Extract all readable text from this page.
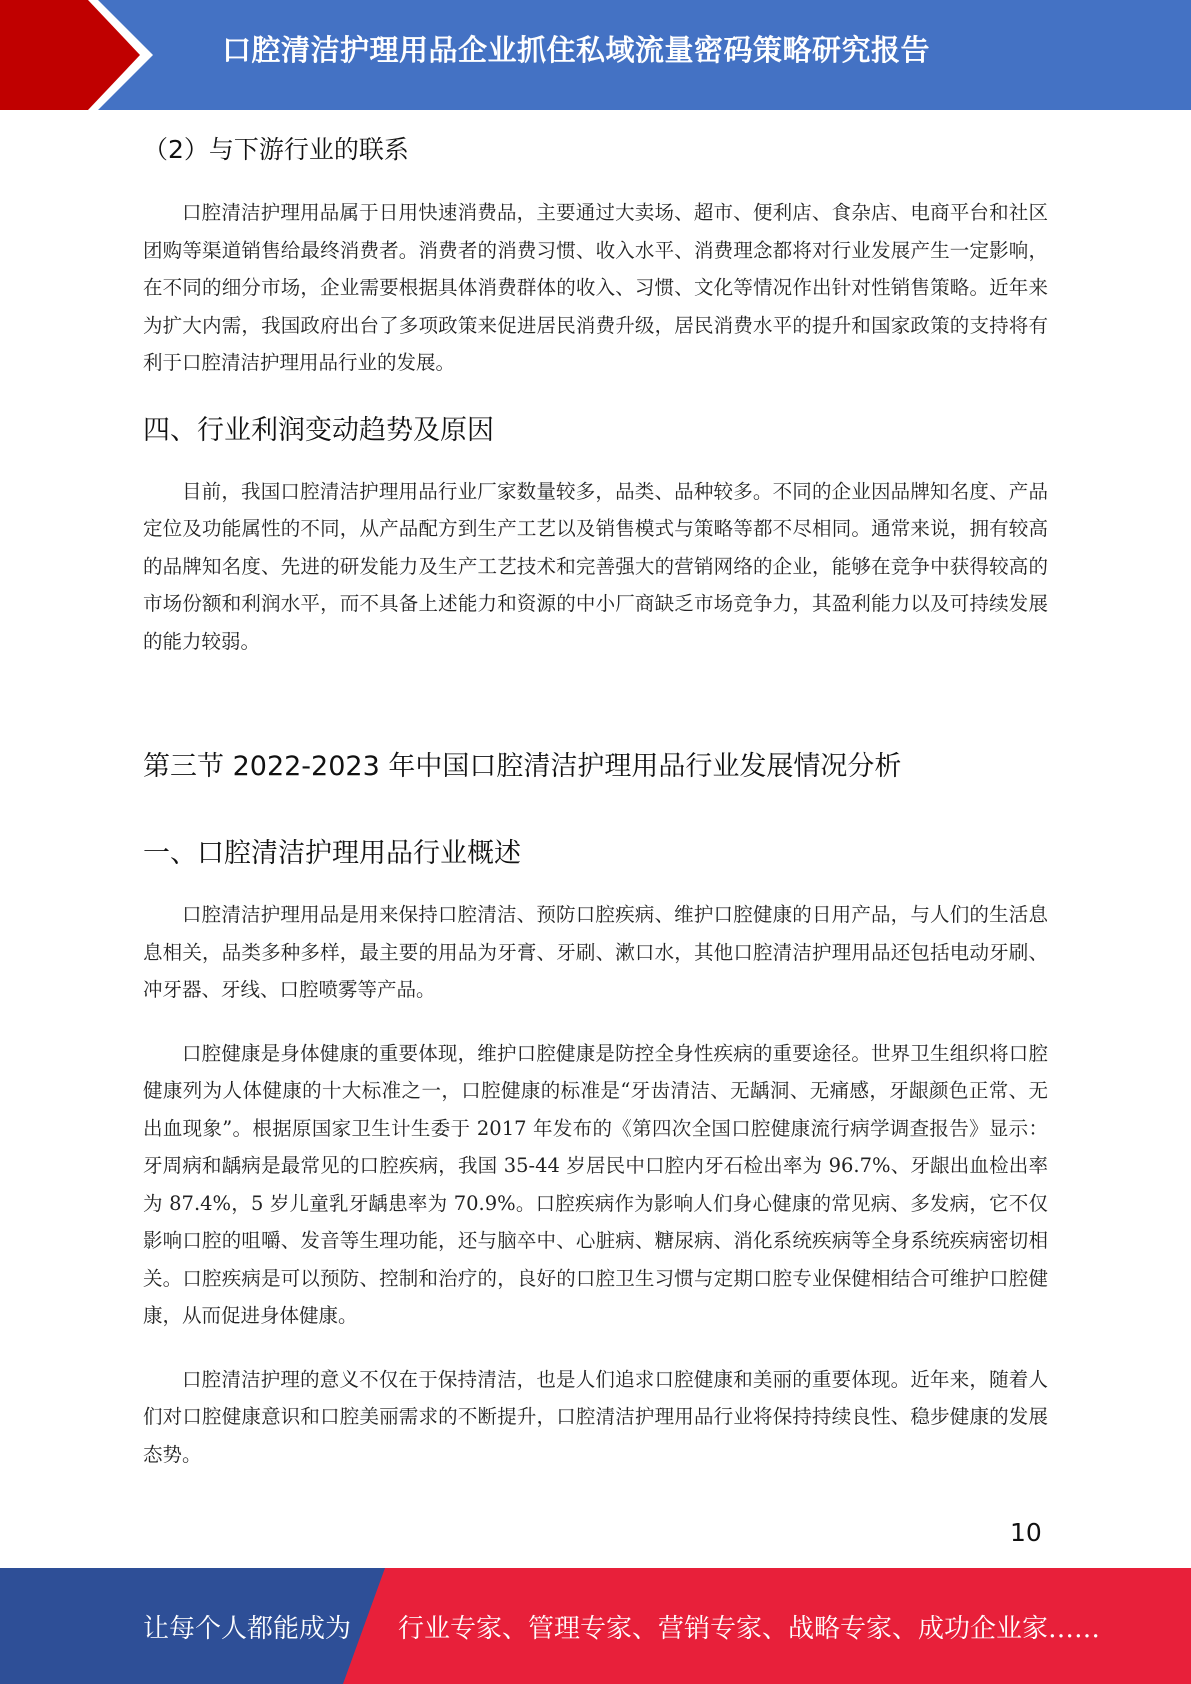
口腔清洁护理用品企业抓住私域流量密码策略研究报告
（2）与下游行业的联系

口腔清洁护理用品属于日用快速消费品，主要通过大卖场、超市、便利店、食杂店、电商平台和社区团购等渠道销售给最终消费者。消费者的消费习惯、收入水平、消费理念都将对行业发展产生一定影响，在不同的细分市场，企业需要根据具体消费群体的收入、习惯、文化等情况作出针对性销售策略。近年来为扩大内需，我国政府出台了多项政策来促进居民消费升级，居民消费水平的提升和国家政策的支持将有利于口腔清洁护理用品行业的发展。

四、行业利润变动趋势及原因

目前，我国口腔清洁护理用品行业厂家数量较多，品类、品种较多。不同的企业因品牌知名度、产品定位及功能属性的不同，从产品配方到生产工艺以及销售模式与策略等都不尽相同。通常来说，拥有较高的品牌知名度、先进的研发能力及生产工艺技术和完善强大的营销网络的企业，能够在竞争中获得较高的市场份额和利润水平，而不具备上述能力和资源的中小厂商缺乏市场竞争力，其盈利能力以及可持续发展的能力较弱。

第三节 2022-2023 年中国口腔清洁护理用品行业发展情况分析
一、口腔清洁护理用品行业概述

口腔清洁护理用品是用来保持口腔清洁、预防口腔疾病、维护口腔健康的日用产品，与人们的生活息息相关，品类多种多样，最主要的用品为牙膏、牙刷、漱口水，其他口腔清洁护理用品还包括电动牙刷、冲牙器、牙线、口腔喷雾等产品。

口腔健康是身体健康的重要体现，维护口腔健康是防控全身性疾病的重要途径。世界卫生组织将口腔健康列为人体健康的十大标准之一，口腔健康的标准是“牙齿清洁、无龋洞、无痛感，牙龈颜色正常、无出血现象”。根据原国家卫生计生委于 2017 年发布的《第四次全国口腔健康流行病学调查报告》显示：牙周病和龋病是最常见的口腔疾病，我国 35-44 岁居民中口腔内牙石检出率为 96.7%、牙龈出血检出率为 87.4%，5 岁儿童乳牙龋患率为 70.9%。口腔疾病作为影响人们身心健康的常见病、多发病，它不仅影响口腔的咀嚼、发音等生理功能，还与脑卒中、心脏病、糖尿病、消化系统疾病等全身系统疾病密切相关。口腔疾病是可以预防、控制和治疗的，良好的口腔卫生习惯与定期口腔专业保健相结合可维护口腔健康，从而促进身体健康。

口腔清洁护理的意义不仅在于保持清洁，也是人们追求口腔健康和美丽的重要体现。近年来，随着人们对口腔健康意识和口腔美丽需求的不断提升，口腔清洁护理用品行业将保持持续良性、稳步健康的发展态势。

10
让每个人都能成为 行业专家、管理专家、营销专家、战略专家、成功企业家……
